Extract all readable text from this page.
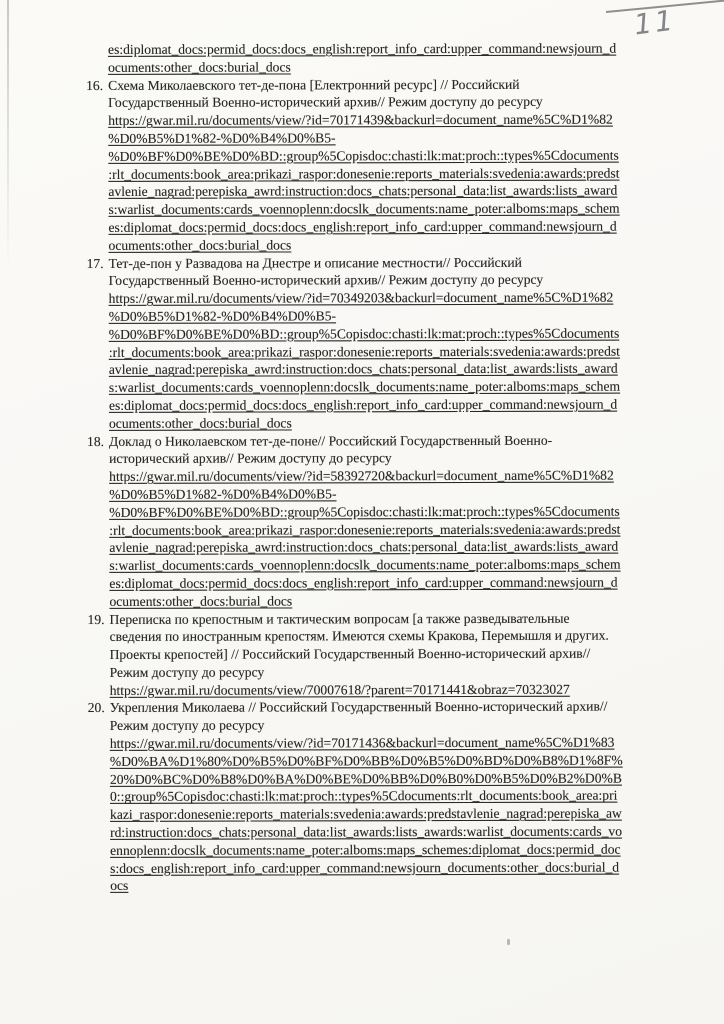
11
es:diplomat_docs:permid_docs:docs_english:report_info_card:upper_command:newsjourn_d
ocuments:other_docs:burial_docs
16. Схема Миколаевского тет-де-пона [Електронний ресурс] // Российский
Государственный Военно-исторический архив// Режим доступу до ресурсу
https://gwar.mil.ru/documents/view/?id=70171439&backurl=document_name%5C%D1%82
%D0%B5%D1%82-%D0%B4%D0%B5-
%D0%BF%D0%BE%D0%BD::group%5Copisdoc:chasti:lk:mat:proch::types%5Cdocuments
:rlt_documents:book_area:prikazi_raspor:donesenie:reports_materials:svedenia:awards:predst
avlenie_nagrad:perepiska_awrd:instruction:docs_chats:personal_data:list_awards:lists_award
s:warlist_documents:cards_voennoplenn:docslk_documents:name_poter:alboms:maps_schem
es:diplomat_docs:permid_docs:docs_english:report_info_card:upper_command:newsjourn_d
ocuments:other_docs:burial_docs
17. Тет-де-пон у Развадова на Днестре и описание местности// Российский
Государственный Военно-исторический архив// Режим доступу до ресурсу
https://gwar.mil.ru/documents/view/?id=70349203&backurl=document_name%5C%D1%82
%D0%B5%D1%82-%D0%B4%D0%B5-
%D0%BF%D0%BE%D0%BD::group%5Copisdoc:chasti:lk:mat:proch::types%5Cdocuments
:rlt_documents:book_area:prikazi_raspor:donesenie:reports_materials:svedenia:awards:predst
avlenie_nagrad:perepiska_awrd:instruction:docs_chats:personal_data:list_awards:lists_award
s:warlist_documents:cards_voennoplenn:docslk_documents:name_poter:alboms:maps_schem
es:diplomat_docs:permid_docs:docs_english:report_info_card:upper_command:newsjourn_d
ocuments:other_docs:burial_docs
18. Доклад о Николаевском тет-де-поне// Российский Государственный Военно-
исторический архив// Режим доступу до ресурсу
https://gwar.mil.ru/documents/view/?id=58392720&backurl=document_name%5C%D1%82
%D0%B5%D1%82-%D0%B4%D0%B5-
%D0%BF%D0%BE%D0%BD::group%5Copisdoc:chasti:lk:mat:proch::types%5Cdocuments
:rlt_documents:book_area:prikazi_raspor:donesenie:reports_materials:svedenia:awards:predst
avlenie_nagrad:perepiska_awrd:instruction:docs_chats:personal_data:list_awards:lists_award
s:warlist_documents:cards_voennoplenn:docslk_documents:name_poter:alboms:maps_schem
es:diplomat_docs:permid_docs:docs_english:report_info_card:upper_command:newsjourn_d
ocuments:other_docs:burial_docs
19. Переписка по крепостным и тактическим вопросам [а также разведывательные
сведения по иностранным крепостям. Имеются схемы Кракова, Перемышля и других.
Проекты крепостей] // Российский Государственный Военно-исторический архив//
Режим доступу до ресурсу
https://gwar.mil.ru/documents/view/70007618/?parent=70171441&obraz=70323027
20. Укрепления Миколаева // Российский Государственный Военно-исторический архив//
Режим доступу до ресурсу
https://gwar.mil.ru/documents/view/?id=70171436&backurl=document_name%5C%D1%83
%D0%BA%D1%80%D0%B5%D0%BF%D0%BB%D0%B5%D0%BD%D0%B8%D1%8F%
20%D0%BC%D0%B8%D0%BA%D0%BE%D0%BB%D0%B0%D0%B5%D0%B2%D0%B
0::group%5Copisdoc:chasti:lk:mat:proch::types%5Cdocuments:rlt_documents:book_area:pri
kazi_raspor:donesenie:reports_materials:svedenia:awards:predstavlenie_nagrad:perepiska_aw
rd:instruction:docs_chats:personal_data:list_awards:lists_awards:warlist_documents:cards_vo
ennoplenn:docslk_documents:name_poter:alboms:maps_schemes:diplomat_docs:permid_doc
s:docs_english:report_info_card:upper_command:newsjourn_documents:other_docs:burial_d
ocs
